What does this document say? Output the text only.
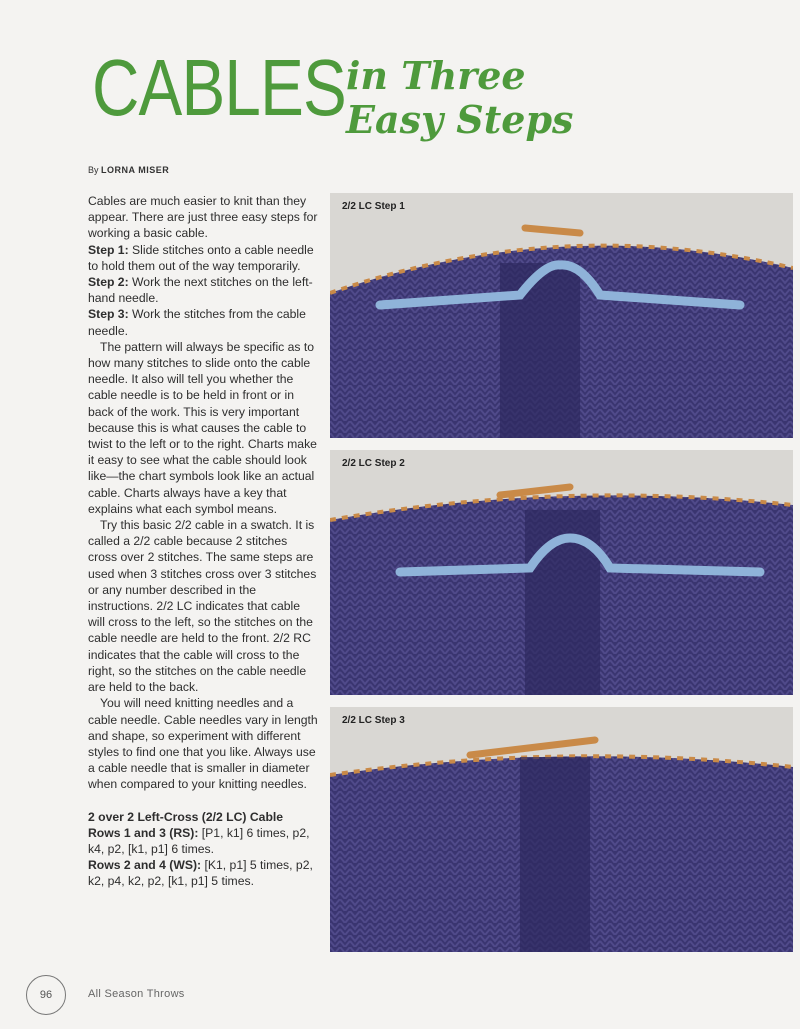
CABLES in Three
Easy Steps
By LORNA MISER

Cables are much easier to knit than they appear. There are just three easy steps for working a basic cable.

Step 1: Slide stitches onto a cable needle to hold them out of the way temporarily.

Step 2: Work the next stitches on the left-hand needle.

Step 3: Work the stitches from the cable needle.

The pattern will always be specific as to how many stitches to slide onto the cable needle. It also will tell you whether the cable needle is to be held in front or in back of the work. This is very important because this is what causes the cable to twist to the left or to the right. Charts make it easy to see what the cable should look like—the chart symbols look like an actual cable. Charts always have a key that explains what each symbol means.

Try this basic 2/2 cable in a swatch. It is called a 2/2 cable because 2 stitches cross over 2 stitches. The same steps are used when 3 stitches cross over 3 stitches or any number described in the instructions. 2/2 LC indicates that cable will cross to the left, so the stitches on the cable needle are held to the front. 2/2 RC indicates that the cable will cross to the right, so the stitches on the cable needle are held to the back.

You will need knitting needles and a cable needle. Cable needles vary in length and shape, so experiment with different styles to find one that you like. Always use a cable needle that is smaller in diameter when compared to your knitting needles.

2 over 2 Left-Cross (2/2 LC) Cable

Rows 1 and 3 (RS): [P1, k1] 6 times, p2, k4, p2, [k1, p1] 6 times.

Rows 2 and 4 (WS): [K1, p1] 5 times, p2, k2, p4, k2, p2, [k1, p1] 5 times.

2/2 LC Step 1
2/2 LC Step 2
2/2 LC Step 3
96	All Season Throws
